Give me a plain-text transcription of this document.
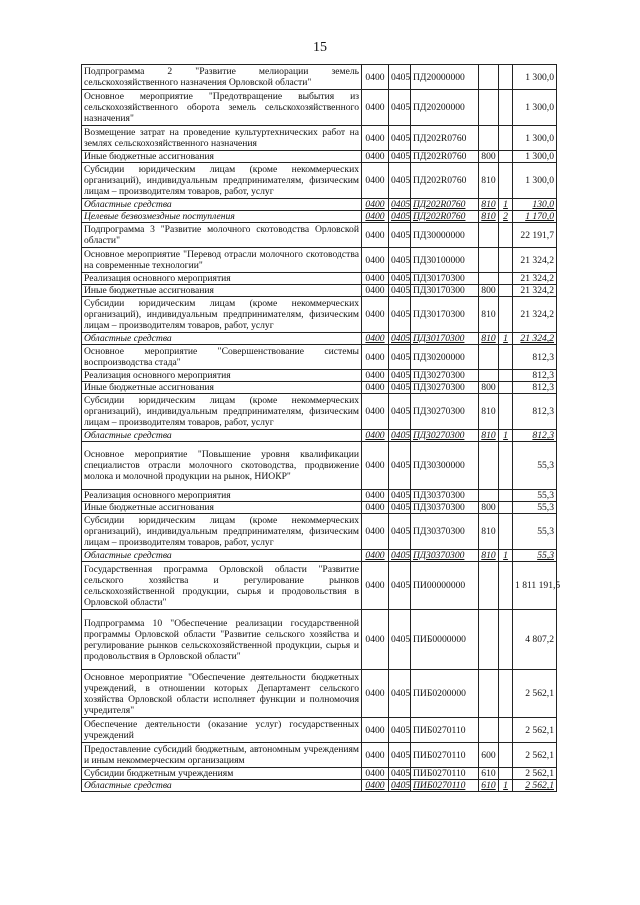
15
Подпрограмма 2 "Развитие мелиорации земель сельскохозяйственного назначения Орловской области"	0400	0405	ПД20000000			1 300,0
Основное мероприятие "Предотвращение выбытия из сельскохозяйственного оборота земель сельскохозяйственного назначения"	0400	0405	ПД20200000			1 300,0
Возмещение затрат на проведение культуртехнических работ на землях сельскохозяйственного назначения	0400	0405	ПД202R0760			1 300,0
Иные бюджетные ассигнования	0400	0405	ПД202R0760	800		1 300,0
Субсидии юридическим лицам (кроме некоммерческих организаций), индивидуальным предпринимателям, физическим лицам – производителям товаров, работ, услуг	0400	0405	ПД202R0760	810		1 300,0
Областные средства	0400	0405	ПД202R0760	810	1	130,0
Целевые безвозмездные поступления	0400	0405	ПД202R0760	810	2	1 170,0
Подпрограмма 3 "Развитие молочного скотоводства Орловской области"	0400	0405	ПД30000000			22 191,7
Основное мероприятие "Перевод отрасли молочного скотоводства на современные технологии"	0400	0405	ПД30100000			21 324,2
Реализация основного мероприятия	0400	0405	ПД30170300			21 324,2
Иные бюджетные ассигнования	0400	0405	ПД30170300	800		21 324,2
Субсидии юридическим лицам (кроме некоммерческих организаций), индивидуальным предпринимателям, физическим лицам – производителям товаров, работ, услуг	0400	0405	ПД30170300	810		21 324,2
Областные средства	0400	0405	ПД30170300	810	1	21 324,2
Основное мероприятие "Совершенствование системы воспроизводства стада"	0400	0405	ПД30200000			812,3
Реализация основного мероприятия	0400	0405	ПД30270300			812,3
Иные бюджетные ассигнования	0400	0405	ПД30270300	800		812,3
Субсидии юридическим лицам (кроме некоммерческих организаций), индивидуальным предпринимателям, физическим лицам – производителям товаров, работ, услуг	0400	0405	ПД30270300	810		812,3
Областные средства	0400	0405	ПД30270300	810	1	812,3
Основное мероприятие "Повышение уровня квалификации специалистов отрасли молочного скотоводства, продвижение молока и молочной продукции на рынок, НИОКР"	0400	0405	ПД30300000			55,3
Реализация основного мероприятия	0400	0405	ПД30370300			55,3
Иные бюджетные ассигнования	0400	0405	ПД30370300	800		55,3
Субсидии юридическим лицам (кроме некоммерческих организаций), индивидуальным предпринимателям, физическим лицам – производителям товаров, работ, услуг	0400	0405	ПД30370300	810		55,3
Областные средства	0400	0405	ПД30370300	810	1	55,3
Государственная программа Орловской области "Развитие сельского хозяйства и регулирование рынков сельскохозяйственной продукции, сырья и продовольствия в Орловской области"	0400	0405	ПИ00000000			1 811 191,5
Подпрограмма 10 "Обеспечение реализации государственной программы Орловской области "Развитие сельского хозяйства и регулирование рынков сельскохозяйственной продукции, сырья и продовольствия в Орловской области"	0400	0405	ПИБ0000000			4 807,2
Основное мероприятие "Обеспечение деятельности бюджетных учреждений, в отношении которых Департамент сельского хозяйства Орловской области исполняет функции и полномочия учредителя"	0400	0405	ПИБ0200000			2 562,1
Обеспечение деятельности (оказание услуг) государственных учреждений	0400	0405	ПИБ0270110			2 562,1
Предоставление субсидий бюджетным, автономным учреждениям и иным некоммерческим организациям	0400	0405	ПИБ0270110	600		2 562,1
Субсидии бюджетным учреждениям	0400	0405	ПИБ0270110	610		2 562,1
Областные средства	0400	0405	ПИБ0270110	610	1	2 562,1
